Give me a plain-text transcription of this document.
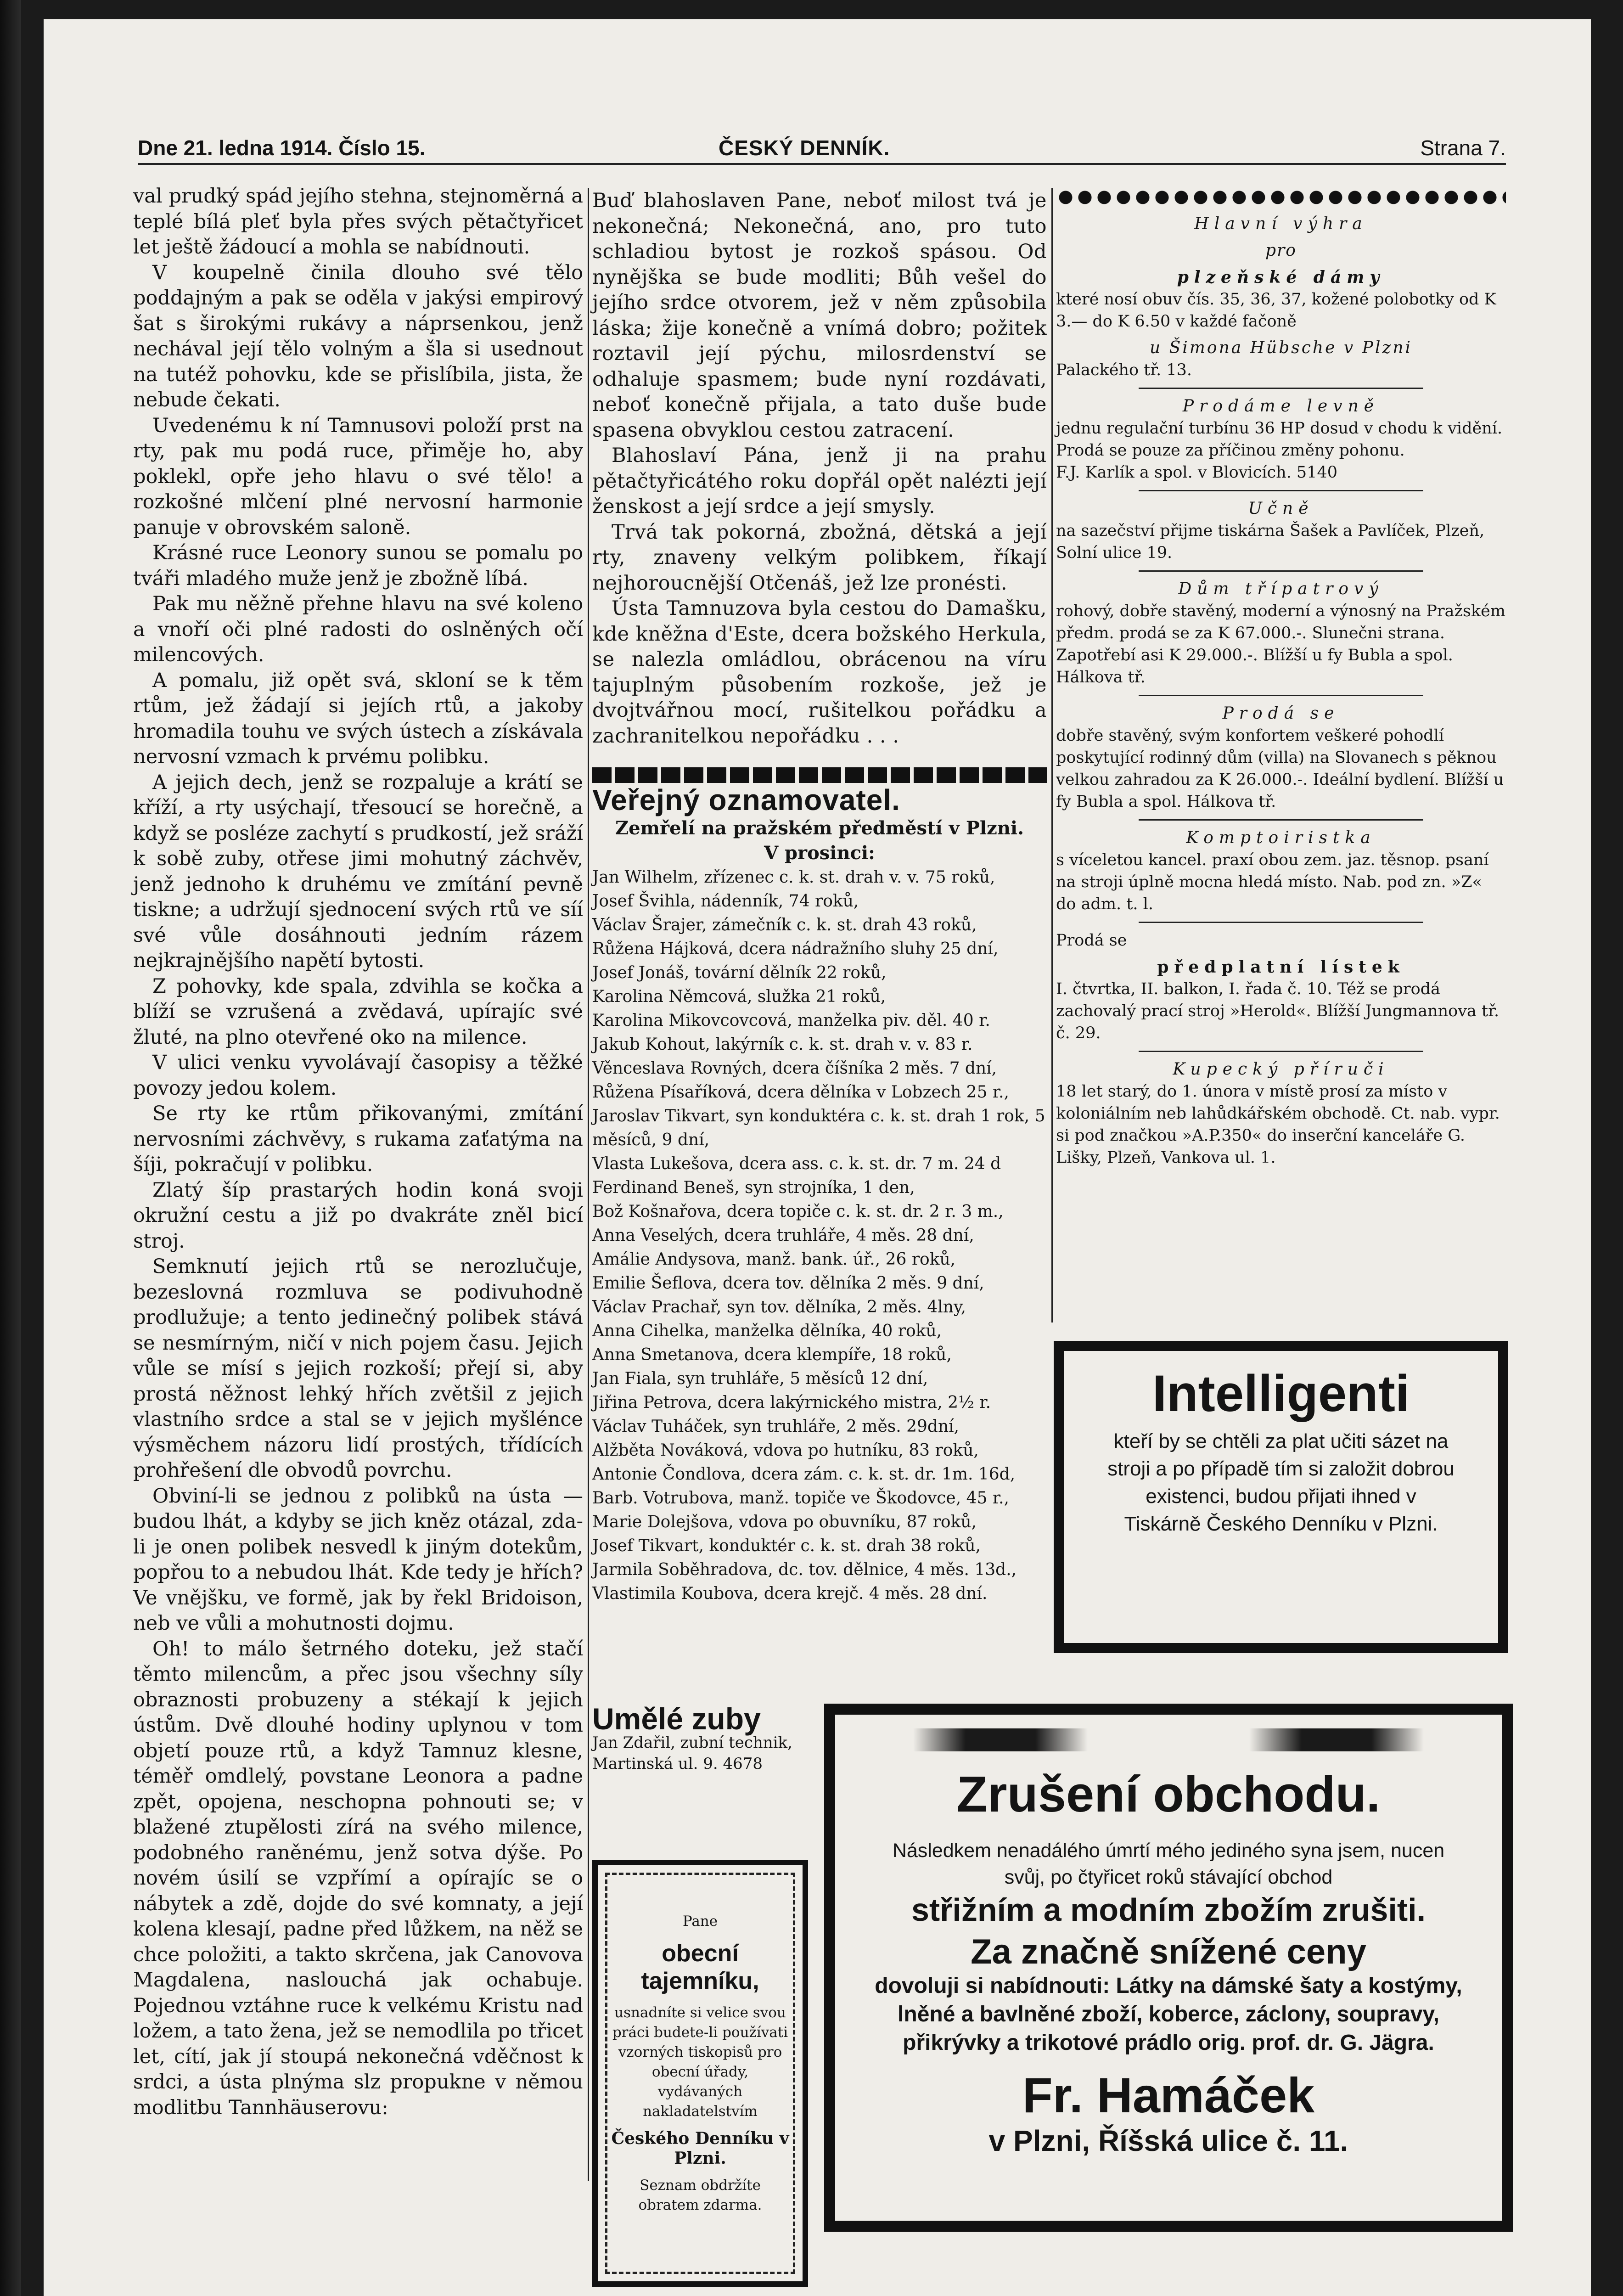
Dne 21. ledna 1914. Číslo 15.	ČESKÝ DENNÍK.	Strana 7.

val prudký spád jejího stehna, stejnoměrná a teplé bílá pleť byla přes svých pětačtyřicet let ještě žádoucí a mohla se nabídnouti.

V koupelně činila dlouho své tělo poddajným a pak se oděla v jakýsi empirový šat s širokými rukávy a náprsenkou, jenž nechával její tělo volným a šla si usednout na tutéž pohovku, kde se přislíbila, jista, že nebude čekati.

Uvedenému k ní Tamnusovi položí prst na rty, pak mu podá ruce, přiměje ho, aby poklekl, opře jeho hlavu o své tělo! a rozkošné mlčení plné nervosní harmonie panuje v obrovském salonĕ.

Krásné ruce Leonory sunou se pomalu po tváři mladého muže jenž je zbožně líbá.

Pak mu něžně přehne hlavu na své koleno a vnoří oči plné radosti do oslněných očí milencových.

A pomalu, již opět svá, skloní se k těm rtům, jež žádají si jejích rtů, a jakoby hromadila touhu ve svých ústech a získávala nervosní vzmach k prvému polibku.

A jejich dech, jenž se rozpaluje a krátí se kříží, a rty usýchají, třesoucí se horečně, a když se posléze zachytí s prudkostí, jež sráží k sobě zuby, otřese jimi mohutný záchvěv, jenž jednoho k druhému ve zmítání pevně tiskne; a udržují sjednocení svých rtů ve síí své vůle dosáhnouti jedním rázem nejkrajnějšího napětí bytosti.

Z pohovky, kde spala, zdvihla se kočka a blíží se vzrušená a zvědavá, upírajíc své žluté, na plno otevřené oko na milence.

V ulici venku vyvolávají časopisy a těžké povozy jedou kolem.

Se rty ke rtům přikovanými, zmítání nervosními záchvěvy, s rukama zaťatýma na šíji, pokračují v polibku.

Zlatý šíp prastarých hodin koná svoji okružní cestu a již po dvakráte zněl bicí stroj.

Semknutí jejich rtů se nerozlučuje, bezeslovná rozmluva se podivuhodně prodlužuje; a tento jedinečný polibek stává se nesmírným, ničí v nich pojem času. Jejich vůle se mísí s jejich rozkoší; přejí si, aby prostá něžnost lehký hřích zvětšil z jejich vlastního srdce a stal se v jejich myšlénce výsměchem názoru lidí prostých, třídících prohřešení dle obvodů povrchu.

Obviní-li se jednou z polibků na ústa — budou lhát, a kdyby se jich kněz otázal, zda-li je onen polibek nesvedl k jiným dotekům, popřou to a nebudou lhát. Kde tedy je hřích? Ve vnějšku, ve formě, jak by řekl Bridoison, neb ve vůli a mohutnosti dojmu.

Oh! to málo šetrného doteku, jež stačí těmto milencům, a přec jsou všechny síly obraznosti probuzeny a stékají k jejich ústům. Dvě dlouhé hodiny uplynou v tom objetí pouze rtů, a když Tamnuz klesne, téměř omdlelý, povstane Leonora a padne zpět, opojena, neschopna pohnouti se; v blažené ztupělosti zírá na svého milence, podobného raněnému, jenž sotva dýše. Po novém úsilí se vzpřímí a opírajíc se o nábytek a zdě, dojde do své komnaty, a její kolena klesají, padne před lůžkem, na něž se chce položiti, a takto skrčena, jak Canovova Magdalena, naslouchá jak ochabuje. Pojednou vztáhne ruce k velkému Kristu nad ložem, a tato žena, jež se nemodlila po třicet let, cítí, jak jí stoupá nekonečná vděčnost k srdci, a ústa plnýma slz propukne v němou modlitbu Tannhäuserovu:

Buď blahoslaven Pane, neboť milost tvá je nekonečná; Nekonečná, ano, pro tuto schladiou bytost je rozkoš spásou. Od nynějška se bude modliti; Bůh vešel do jejího srdce otvorem, jež v něm způsobila láska; žije konečně a vnímá dobro; požitek roztavil její pýchu, milosrdenství se odhaluje spasmem; bude nyní rozdávati, neboť konečně přijala, a tato duše bude spasena obvyklou cestou zatracení.

Blahoslaví Pána, jenž ji na prahu pětačtyřicátého roku dopřál opět nalézti její ženskost a její srdce a její smysly.

Trvá tak pokorná, zbožná, dětská a její rty, znaveny velkým polibkem, říkají nejhoroucnější Otčenáš, jež lze pronésti.

Ústa Tamnuzova byla cestou do Damašku, kde kněžna d'Este, dcera božského Herkula, se nalezla omládlou, obrácenou na víru tajuplným působením rozkoše, jež je dvojtvářnou mocí, rušitelkou pořádku a zachranitelkou nepořádku . . .

Veřejný oznamovatel.
Zemřelí na pražském předměstí v Plzni.
V prosinci:
Jan Wilhelm, zřízenec c. k. st. drah v. v. 75 roků,
Josef Švihla, nádenník, 74 roků,
Václav Šrajer, zámečník c. k. st. drah 43 roků,
Růžena Hájková, dcera nádražního sluhy 25 dní,
Josef Jonáš, tovární dělník 22 roků,
Karolina Němcová, služka 21 roků,
Karolina Mikovcovcová, manželka piv. děl. 40 r.
Jakub Kohout, lakýrník c. k. st. drah v. v. 83 r.
Věnceslava Rovných, dcera číšníka 2 měs. 7 dní,
Růžena Písaříková, dcera dělníka v Lobzech 25 r.,
Jaroslav Tikvart, syn konduktéra c. k. st. drah 1 rok, 5 měsíců, 9 dní,
Vlasta Lukešova, dcera ass. c. k. st. dr. 7 m. 24 d
Ferdinand Beneš, syn strojníka, 1 den,
Bož Košnařova, dcera topiče c. k. st. dr. 2 r. 3 m.,
Anna Veselých, dcera truhláře, 4 měs. 28 dní,
Amálie Andysova, manž. bank. úř., 26 roků,
Emilie Šeflova, dcera tov. dělníka 2 měs. 9 dní,
Václav Prachař, syn tov. dělníka, 2 měs. 4lny,
Anna Cihelka, manželka dělníka, 40 roků,
Anna Smetanova, dcera klempíře, 18 roků,
Jan Fiala, syn truhláře, 5 měsíců 12 dní,
Jiřina Petrova, dcera lakýrnického mistra, 2½ r.
Václav Tuháček, syn truhláře, 2 měs. 29dní,
Alžběta Nováková, vdova po hutníku, 83 roků,
Antonie Čondlova, dcera zám. c. k. st. dr. 1m. 16d,
Barb. Votrubova, manž. topiče ve Škodovce, 45 r.,
Marie Dolejšova, vdova po obuvníku, 87 roků,
Josef Tikvart, konduktér c. k. st. drah 38 roků,
Jarmila Soběhradova, dc. tov. dělnice, 4 měs. 13d.,
Vlastimila Koubova, dcera krejč. 4 měs. 28 dní.
Hlavní výhra
pro
plzeňské dámy
které nosí obuv čís. 35, 36, 37, kožené polobotky od K 3.— do K 6.50 v každé fačoně
u Šimona Hübsche v Plzni
Palackého tř. 13.
Prodáme levně
jednu regulační turbínu 36 HP dosud v chodu k vidění. Prodá se pouze za příčinou změny pohonu.
F.J. Karlík a spol. v Blovicích. 5140
Učně
na sazečství přijme tiskárna Šašek a Pavlíček, Plzeň, Solní ulice 19.
Dům třípatrový
rohový, dobře stavěný, moderní a výnosný na Pražském předm. prodá se za K 67.000.-. Slunečni strana. Zapotřebí asi K 29.000.-. Blížší u fy Bubla a spol. Hálkova tř.
Prodá se
dobře stavěný, svým konfortem veškeré pohodlí poskytující rodinný dům (villa) na Slovanech s pěknou velkou zahradou za K 26.000.-. Ideální bydlení. Blížší u fy Bubla a spol. Hálkova tř.
Komptoiristka
s víceletou kancel. praxí obou zem. jaz. těsnop. psaní na stroji úplně mocna hledá místo. Nab. pod zn. »Z« do adm. t. l.
Prodá se
předplatní lístek
I. čtvrtka, II. balkon, I. řada č. 10. Též se prodá zachovalý prací stroj »Herold«. Blížší Jungmannova tř. č. 29.
Kupecký příruči
18 let starý, do 1. února v místě prosí za místo v koloniálním neb lahůdkářském obchodě. Ct. nab. vypr. si pod značkou »A.P.350« do inserční kanceláře G. Lišky, Plzeň, Vankova ul. 1.
Intelligenti
kteří by se chtěli za plat učiti sázet na stroji a po případě tím si založit dobrou existenci, budou přijati ihned v Tiskárně Českého Denníku v Plzni.
Umělé zuby
Jan Zdařil, zubní technik, Martinská ul. 9. 4678
Pane
obecní tajemníku,
usnadníte si velice svou práci budete-li používati vzorných tiskopisů pro obecní úřady, vydávaných nakladatelstvím
Českého Denníku v Plzni.
Seznam obdržíte obratem zdarma.
Zrušení obchodu.
Následkem nenadálého úmrtí mého jediného syna jsem, nucen svůj, po čtyřicet roků stávající obchod
střižním a modním zbožím zrušiti.
Za značně snížené ceny
dovoluji si nabídnouti: Látky na dámské šaty a kostýmy, lněné a bavlněné zboží, koberce, záclony, soupravy, přikrývky a trikotové prádlo orig. prof. dr. G. Jägra.
Fr. Hamáček
v Plzni, Říšská ulice č. 11.
